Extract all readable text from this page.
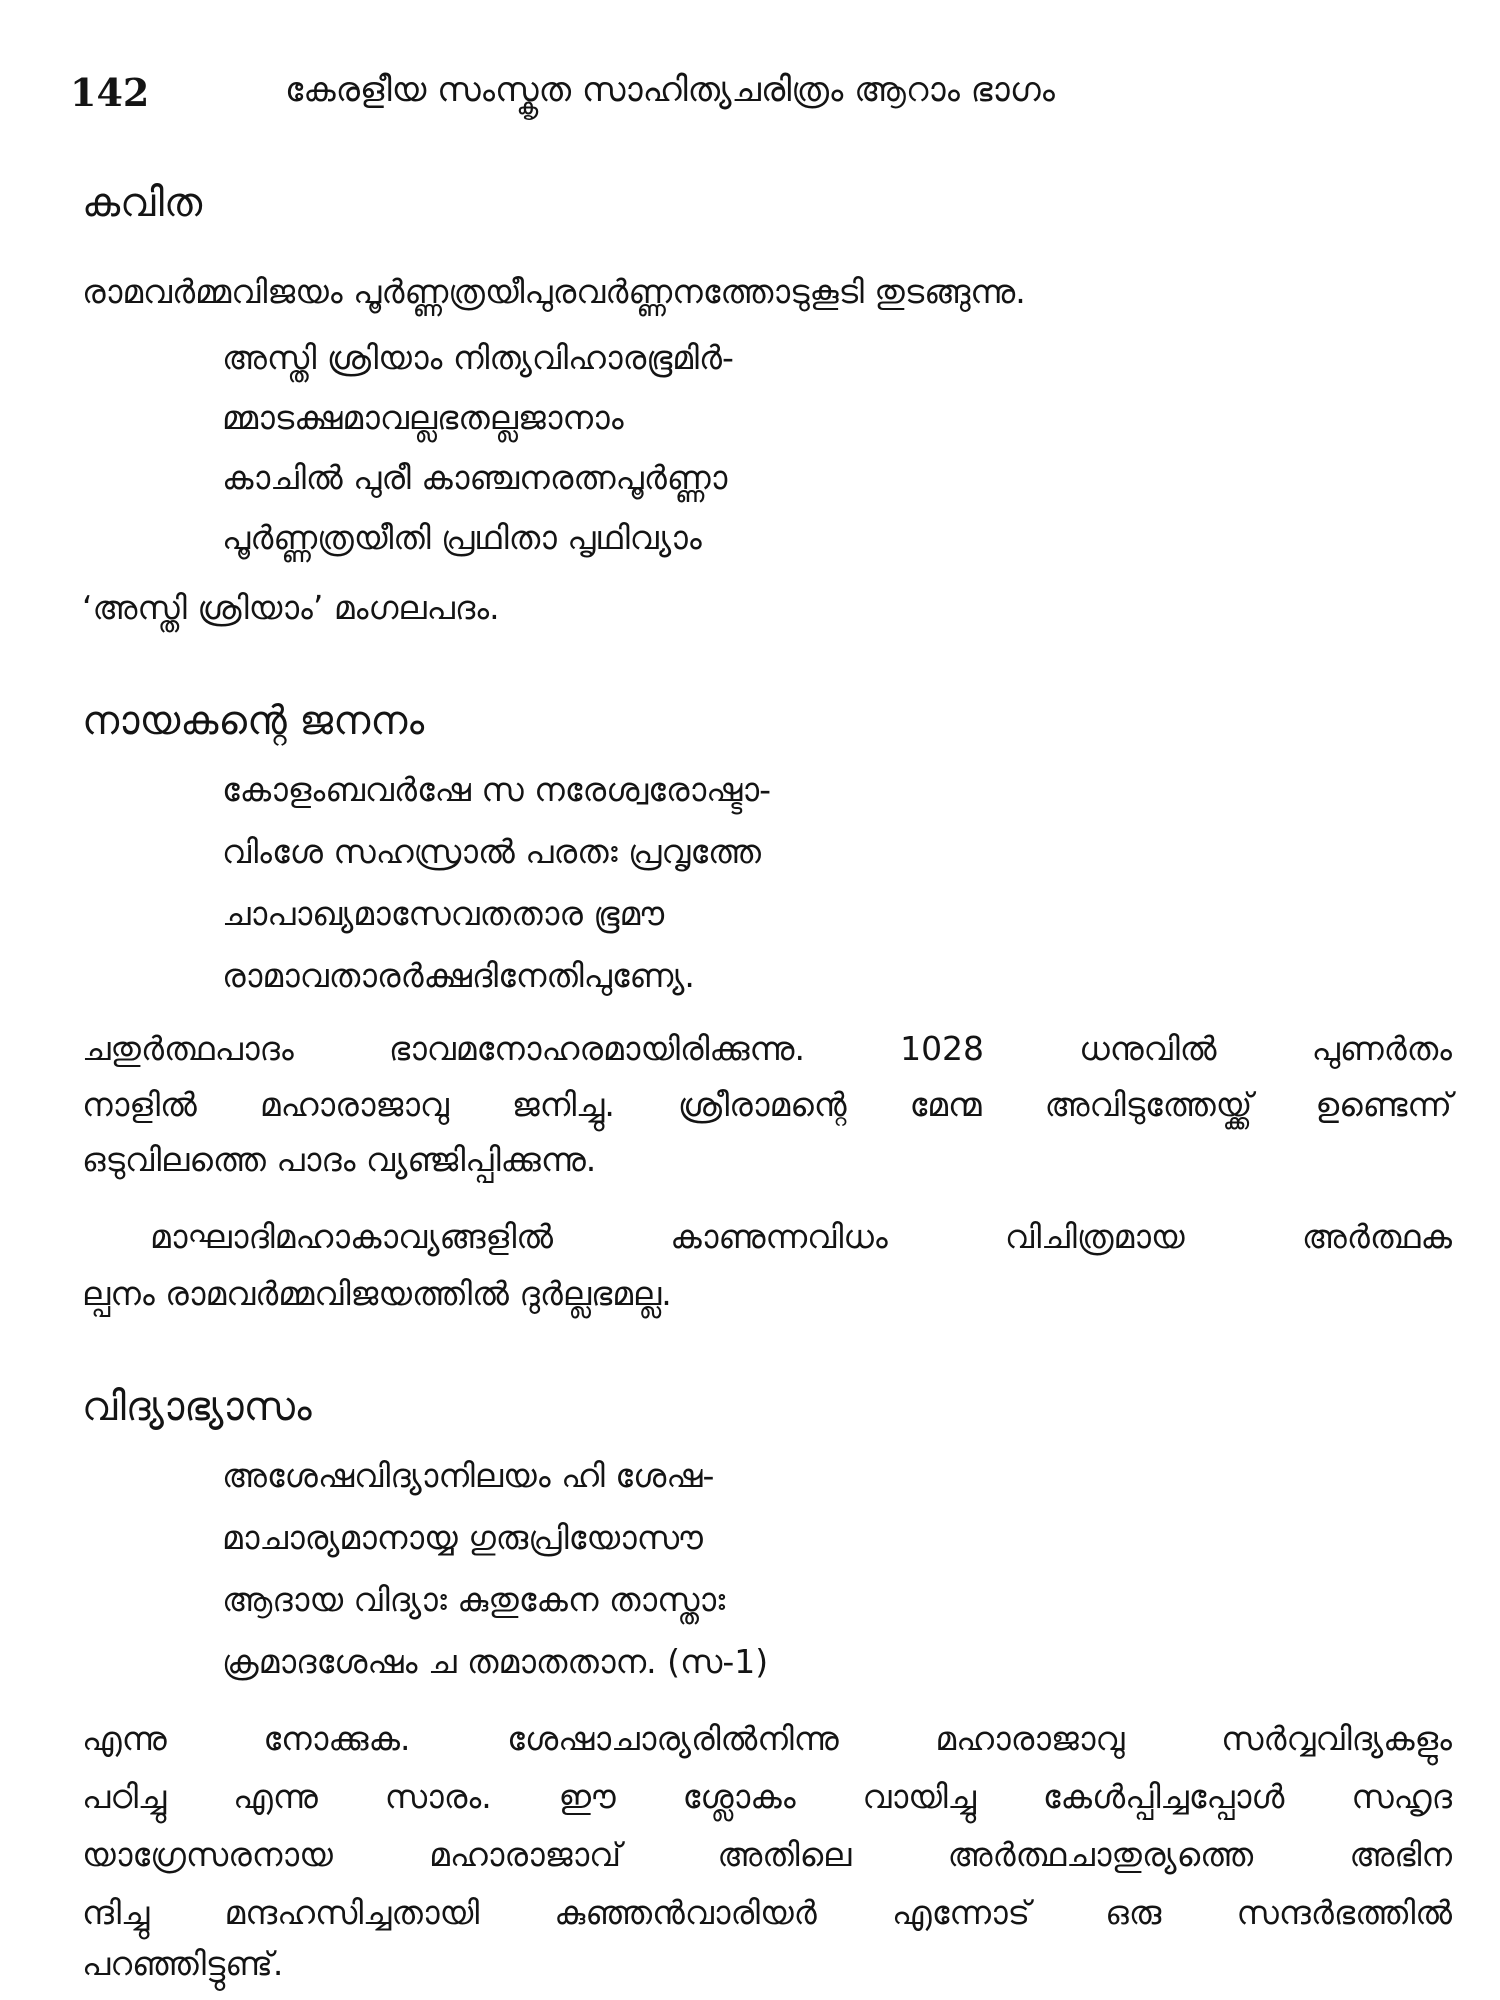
142	കേരളീയ സംസ്കൃത സാഹിത്യചരിത്രം ആറാം ഭാഗം
കവിത
രാമവർമ്മവിജയം പൂർണ്ണത്രയീപുരവർണ്ണനത്തോടുകൂടി തുടങ്ങുന്നു.
അസ്തി ശ്രിയാം നിത്യവിഹാരഭൂമിർ-
മ്മാടക്ഷമാവല്ലഭതല്ലജാനാം
കാചിൽ പുരീ കാഞ്ചനരത്നപൂർണ്ണാ
പൂർണ്ണത്രയീതി പ്രഥിതാ പൃഥിവ്യാം
‘അസ്തി ശ്രിയാം’ മംഗലപദം.
നായകന്റെ ജനനം
കോളംബവർഷേ സ നരേശ്വരോഷ്ടാ-
വിംശേ സഹസ്രാൽ പരതഃ പ്രവൃത്തേ
ചാപാഖ്യമാസേവതതാര ഭൂമൗ
രാമാവതാരർക്ഷദിനേതിപുണ്യേ.
ചതുർത്ഥപാദം ഭാവമനോഹരമായിരിക്കുന്നു. 1028 ധനുവിൽ പുണർതം
നാളിൽ മഹാരാജാവു ജനിച്ചു. ശ്രീരാമന്റെ മേന്മ അവിടുത്തേയ്ക്ക് ഉണ്ടെന്ന്
ഒടുവിലത്തെ പാദം വ്യഞ്ജിപ്പിക്കുന്നു.
മാഘാദിമഹാകാവ്യങ്ങളിൽ കാണുന്നവിധം വിചിത്രമായ അർത്ഥക
ല്പനം രാമവർമ്മവിജയത്തിൽ ദുർല്ലഭമല്ല.
വിദ്യാഭ്യാസം
അശേഷവിദ്യാനിലയം ഹി ശേഷ-
മാചാര്യമാനായ്യ ഗുരുപ്രിയോസൗ
ആദായ വിദ്യാഃ കുതുകേന താസ്താഃ
ക്രമാദശേഷം ച തമാതതാന. (സ-1)
എന്നു നോക്കുക. ശേഷാചാര്യരിൽനിന്നു മഹാരാജാവു സർവ്വവിദ്യകളും
പഠിച്ചു എന്നു സാരം. ഈ ശ്ലോകം വായിച്ചു കേൾപ്പിച്ചപ്പോൾ സഹൃദ
യാഗ്രേസരനായ മഹാരാജാവ് അതിലെ അർത്ഥചാതുര്യത്തെ അഭിന
ന്ദിച്ചു മന്ദഹസിച്ചതായി കുഞ്ഞൻവാരിയർ എന്നോട് ഒരു സന്ദർഭത്തിൽ
പറഞ്ഞിട്ടുണ്ട്.
